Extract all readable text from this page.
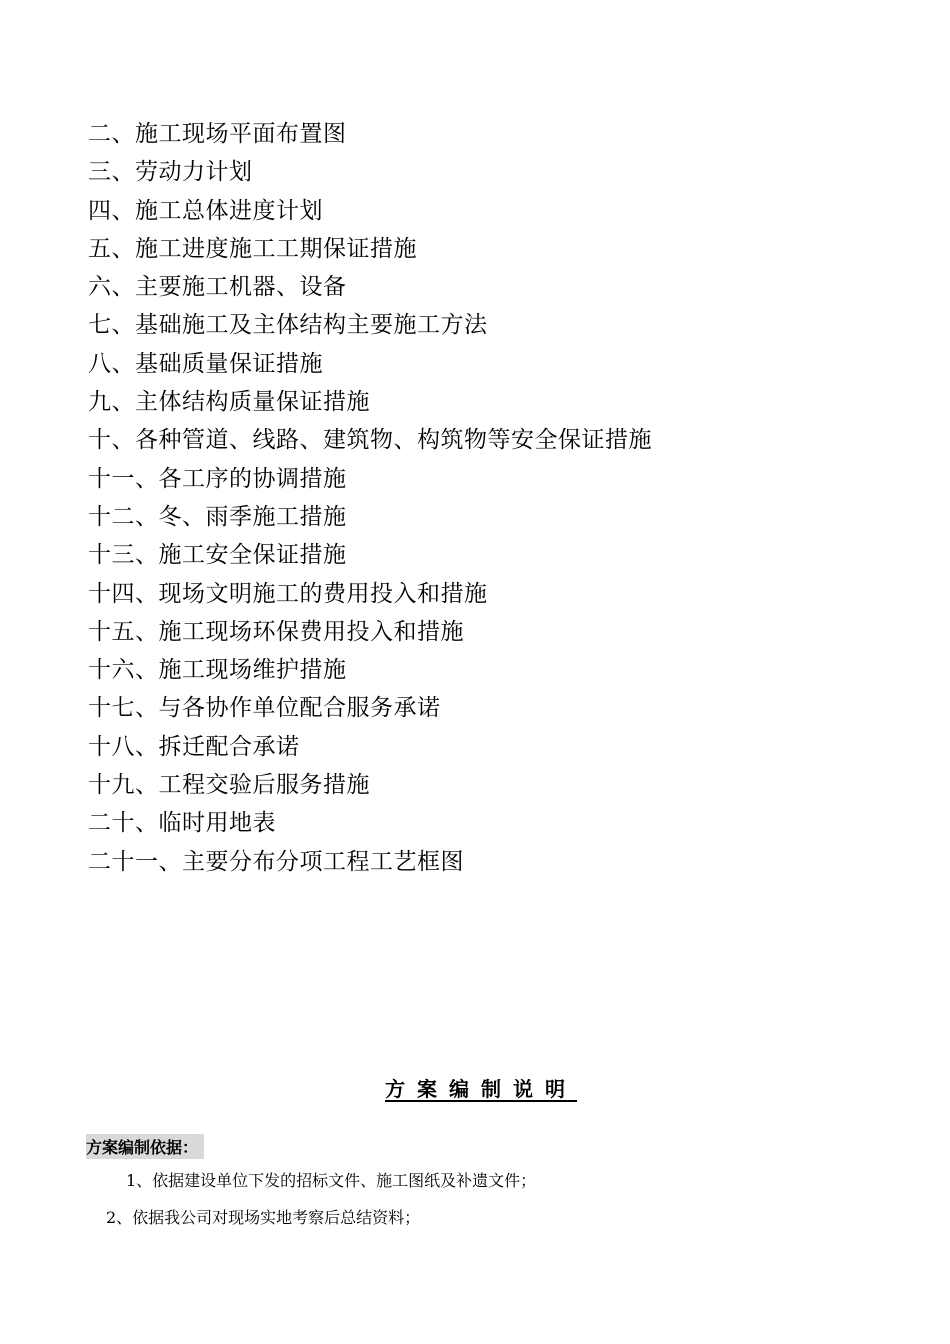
二、施工现场平面布置图
三、劳动力计划
四、施工总体进度计划
五、施工进度施工工期保证措施
六、主要施工机器、设备
七、基础施工及主体结构主要施工方法
八、基础质量保证措施
九、主体结构质量保证措施
十、各种管道、线路、建筑物、构筑物等安全保证措施
十一、各工序的协调措施
十二、冬、雨季施工措施
十三、施工安全保证措施
十四、现场文明施工的费用投入和措施
十五、施工现场环保费用投入和措施
十六、施工现场维护措施
十七、与各协作单位配合服务承诺
十八、拆迁配合承诺
十九、工程交验后服务措施
二十、临时用地表
二十一、主要分布分项工程工艺框图
方案编制说明
方案编制依据：
1、依据建设单位下发的招标文件、施工图纸及补遗文件；
2、依据我公司对现场实地考察后总结资料；
